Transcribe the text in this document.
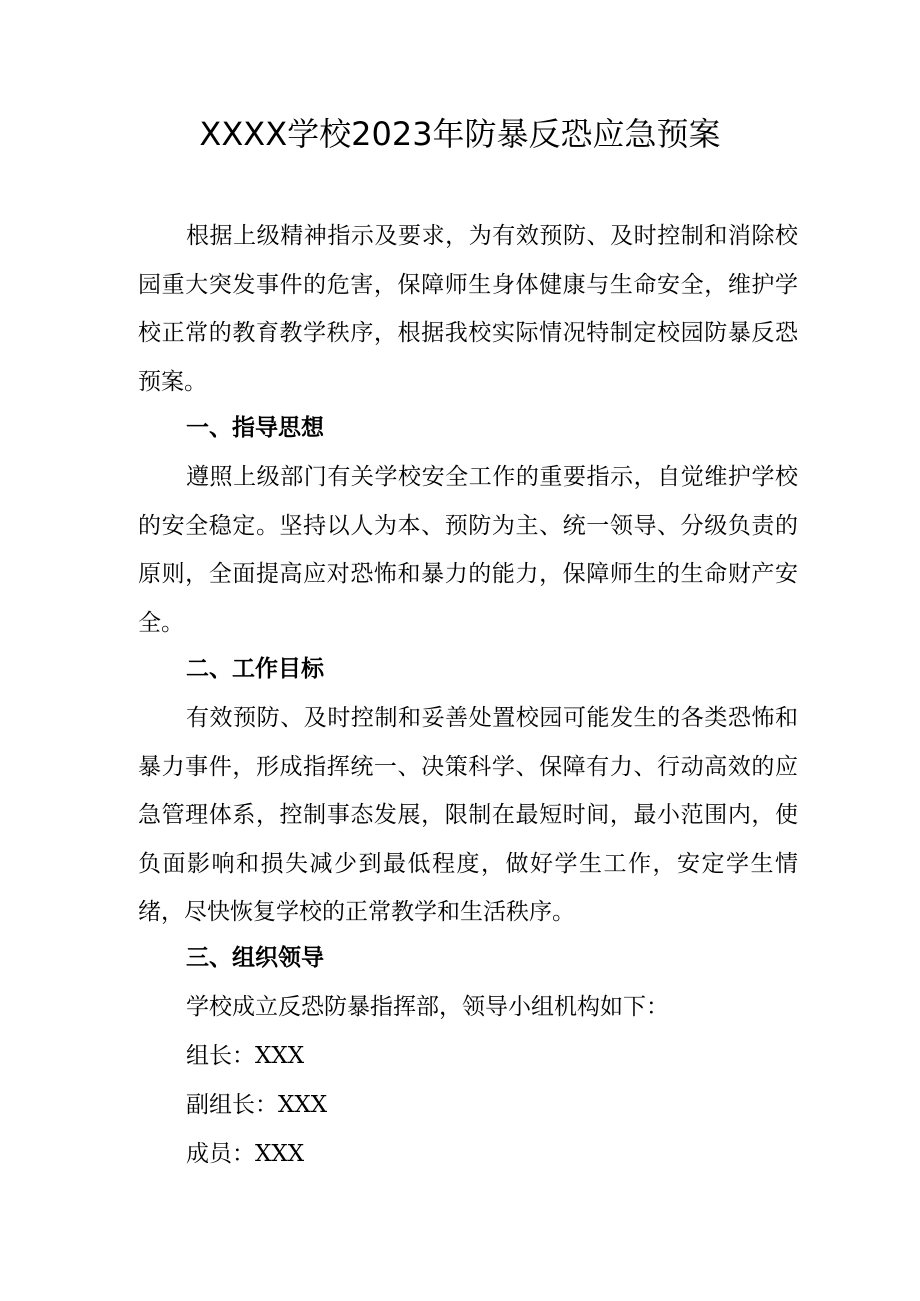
XXXX学校2023年防暴反恐应急预案

根据上级精神指示及要求，为有效预防、及时控制和消除校园重大突发事件的危害，保障师生身体健康与生命安全，维护学校正常的教育教学秩序，根据我校实际情况特制定校园防暴反恐预案。

一、指导思想

遵照上级部门有关学校安全工作的重要指示，自觉维护学校的安全稳定。坚持以人为本、预防为主、统一领导、分级负责的原则，全面提高应对恐怖和暴力的能力，保障师生的生命财产安全。

二、工作目标

有效预防、及时控制和妥善处置校园可能发生的各类恐怖和暴力事件，形成指挥统一、决策科学、保障有力、行动高效的应急管理体系，控制事态发展，限制在最短时间，最小范围内，使负面影响和损失减少到最低程度，做好学生工作，安定学生情绪，尽快恢复学校的正常教学和生活秩序。

三、组织领导
学校成立反恐防暴指挥部，领导小组机构如下：
组长：XXX
副组长：XXX
成员：XXX
